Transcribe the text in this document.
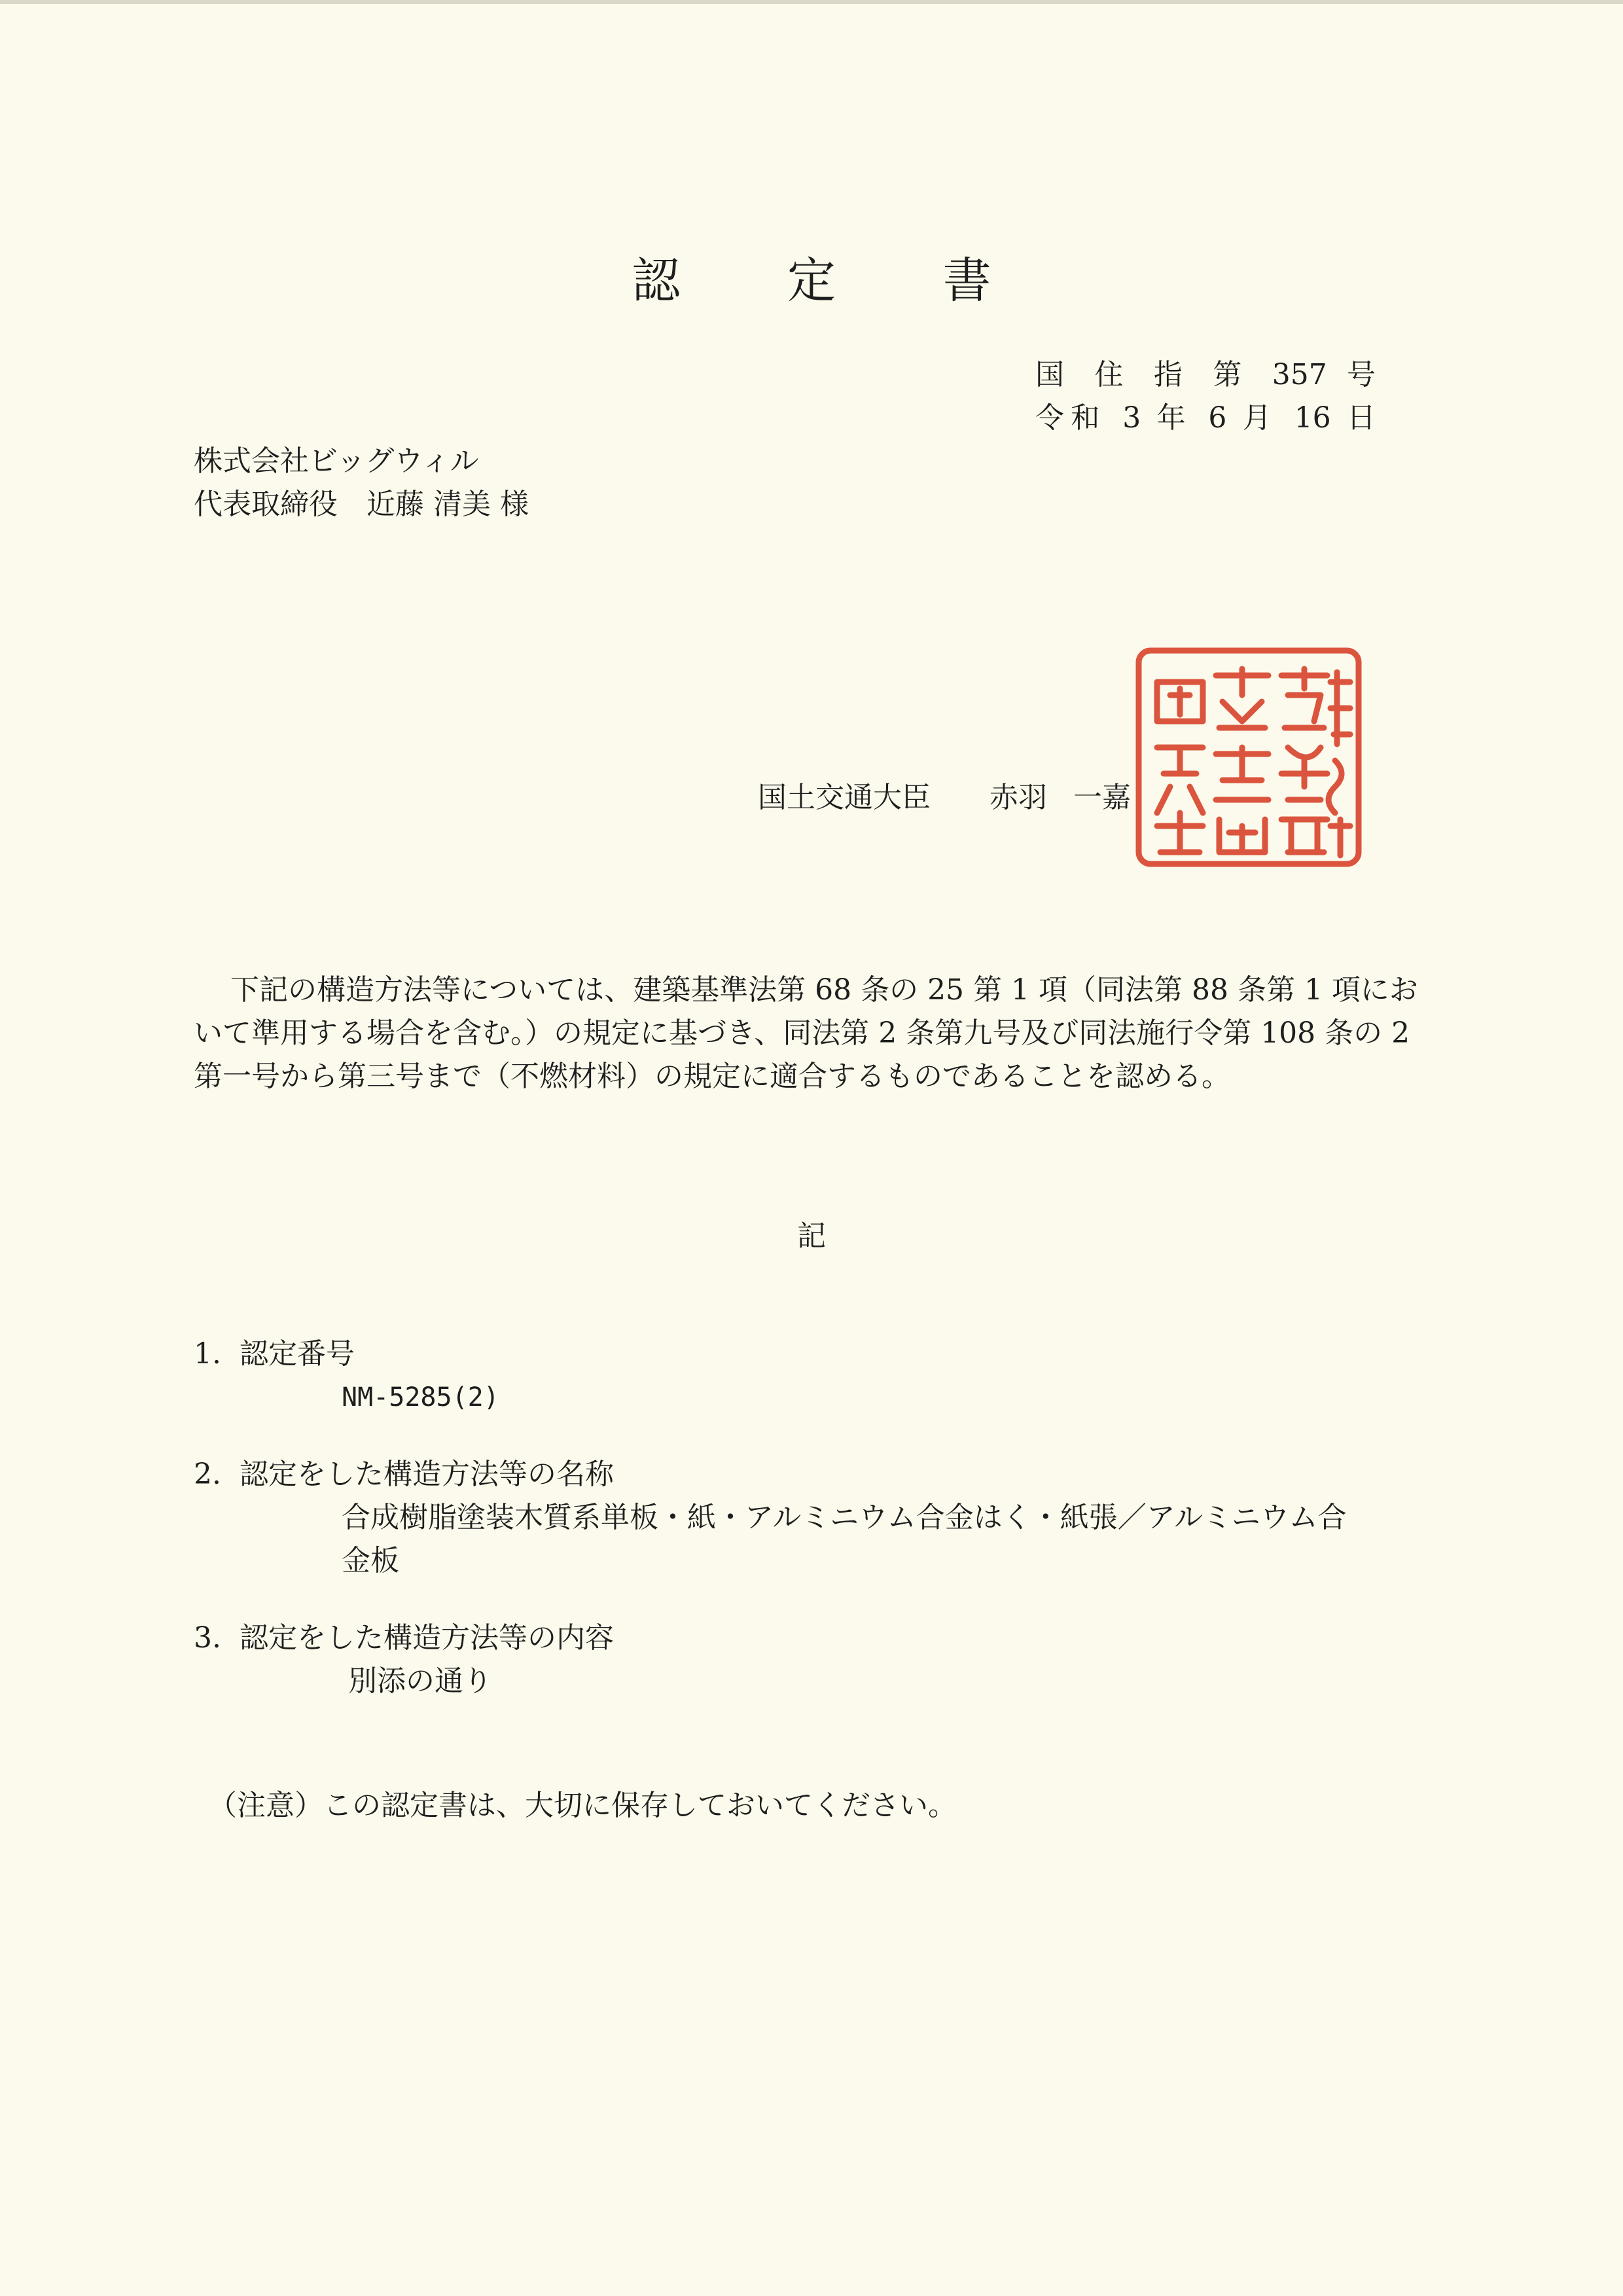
認 定 書
国 住 指 第 357 号
令和 3 年 6 月 16 日
株式会社ビッグウィル
代表取締役 近藤 清美 様
国土交通大臣 赤羽 一嘉
下記の構造方法等については、建築基準法第 68 条の 25 第 1 項（同法第 88 条第 1 項において準用する場合を含む。）の規定に基づき、同法第 2 条第九号及び同法施行令第 108 条の 2 第一号から第三号まで（不燃材料）の規定に適合するものであることを認める。
記
1. 認定番号
NM-5285(2)
2. 認定をした構造方法等の名称
合成樹脂塗装木質系単板・紙・アルミニウム合金はく・紙張／アルミニウム合金板
3. 認定をした構造方法等の内容
別添の通り
（注意）この認定書は、大切に保存しておいてください。
